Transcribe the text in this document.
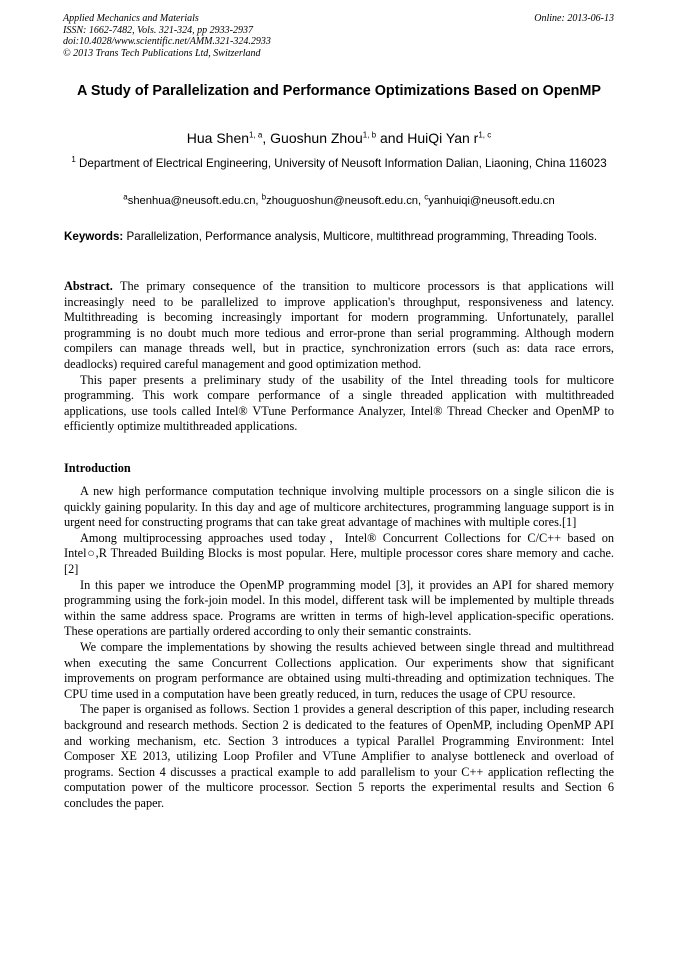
Applied Mechanics and Materials
ISSN: 1662-7482, Vols. 321-324, pp 2933-2937
doi:10.4028/www.scientific.net/AMM.321-324.2933
© 2013 Trans Tech Publications Ltd, Switzerland
Online: 2013-06-13
A Study of Parallelization and Performance Optimizations Based on OpenMP
Hua Shen$^{1, a}$, Guoshun Zhou$^{1, b}$ and HuiQi Yan $r^{1, c}$
$^1$ Department of Electrical Engineering, University of Neusoft Information Dalian, Liaoning, China 116023
$^a$shenhua@neusoft.edu.cn, $^b$zhouguoshun@neusoft.edu.cn, $^c$yanhuiqi@neusoft.edu.cn
Keywords: Parallelization, Performance analysis, Multicore, multithread programming, Threading Tools.

Abstract. The primary consequence of the transition to multicore processors is that applications will increasingly need to be parallelized to improve application's throughput, responsiveness and latency. Multithreading is becoming increasingly important for modern programming. Unfortunately, parallel programming is no doubt much more tedious and error-prone than serial programming. Although modern compilers can manage threads well, but in practice, synchronization errors (such as: data race errors, deadlocks) required careful management and good optimization method.

This paper presents a preliminary study of the usability of the Intel threading tools for multicore programming. This work compare performance of a single threaded application with multithreaded applications, use tools called Intel® VTune Performance Analyzer, Intel® Thread Checker and OpenMP to efficiently optimize multithreaded applications.

Introduction

A new high performance computation technique involving multiple processors on a single silicon die is quickly gaining popularity. In this day and age of multicore architectures, programming language support is in urgent need for constructing programs that can take great advantage of machines with multiple cores.[1]

Among multiprocessing approaches used today，Intel® Concurrent Collections for C/C++ based on Intel○,R Threaded Building Blocks is most popular. Here, multiple processor cores share memory and cache.[2]

In this paper we introduce the OpenMP programming model [3], it provides an API for shared memory programming using the fork-join model. In this model, different task will be implemented by multiple threads within the same address space. Programs are written in terms of high-level application-specific operations. These operations are partially ordered according to only their semantic constraints.

We compare the implementations by showing the results achieved between single thread and multithread when executing the same Concurrent Collections application. Our experiments show that significant improvements on program performance are obtained using multi-threading and optimization techniques. The CPU time used in a computation have been greatly reduced, in turn, reduces the usage of CPU resource.

The paper is organised as follows. Section 1 provides a general description of this paper, including research background and research methods. Section 2 is dedicated to the features of OpenMP, including OpenMP API and working mechanism, etc. Section 3 introduces a typical Parallel Programming Environment: Intel Composer XE 2013, utilizing Loop Profiler and VTune Amplifier to analyse bottleneck and overload of programs. Section 4 discusses a practical example to add parallelism to your C++ application reflecting the computation power of the multicore processor. Section 5 reports the experimental results and Section 6 concludes the paper.
